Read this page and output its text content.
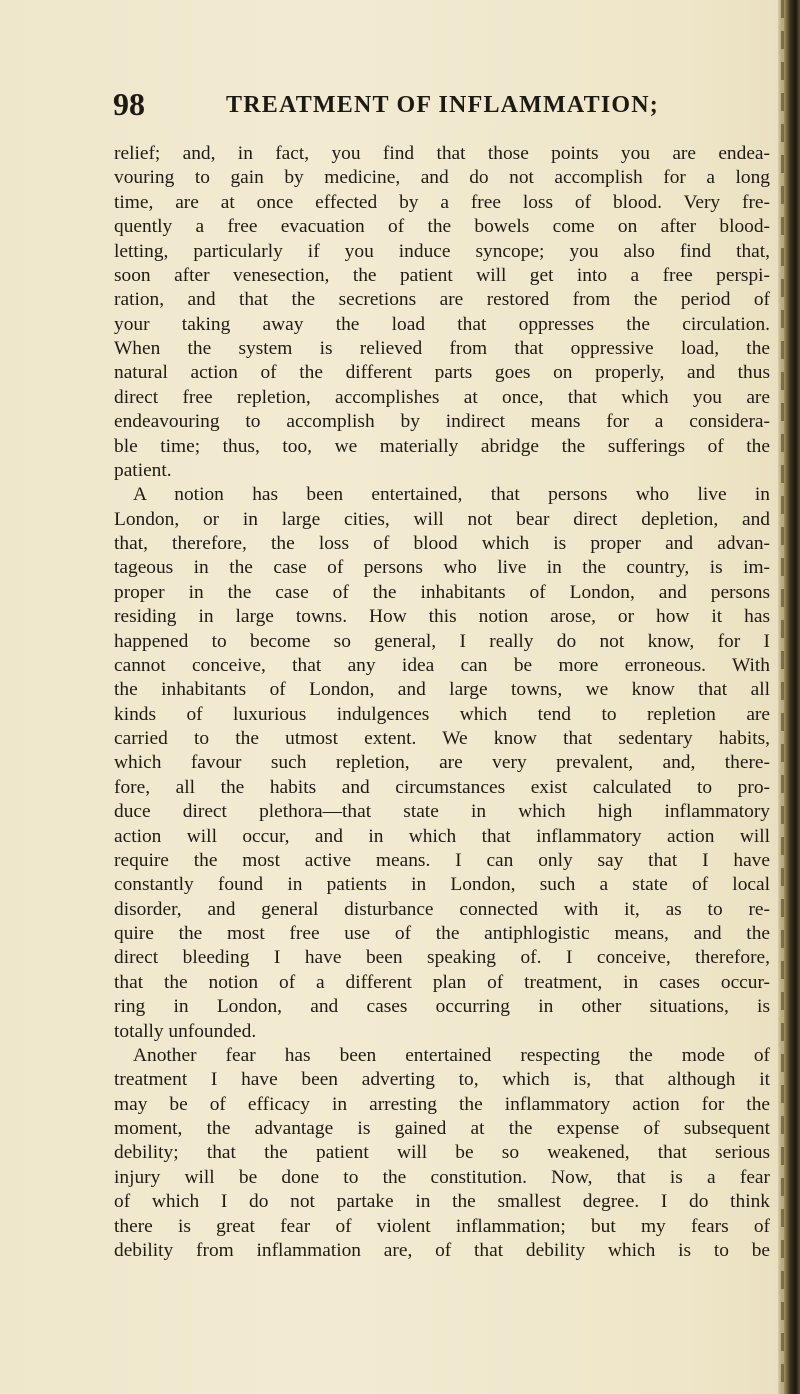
98	TREATMENT OF INFLAMMATION;
relief; and, in fact, you find that those points you are endea-
vouring to gain by medicine, and do not accomplish for a long
time, are at once effected by a free loss of blood. Very fre-
quently a free evacuation of the bowels come on after blood-
letting, particularly if you induce syncope; you also find that,
soon after venesection, the patient will get into a free perspi-
ration, and that the secretions are restored from the period of
your taking away the load that oppresses the circulation.
When the system is relieved from that oppressive load, the
natural action of the different parts goes on properly, and thus
direct free repletion, accomplishes at once, that which you are
endeavouring to accomplish by indirect means for a considera-
ble time; thus, too, we materially abridge the sufferings of the
patient.
A notion has been entertained, that persons who live in
London, or in large cities, will not bear direct depletion, and
that, therefore, the loss of blood which is proper and advan-
tageous in the case of persons who live in the country, is im-
proper in the case of the inhabitants of London, and persons
residing in large towns. How this notion arose, or how it has
happened to become so general, I really do not know, for I
cannot conceive, that any idea can be more erroneous. With
the inhabitants of London, and large towns, we know that all
kinds of luxurious indulgences which tend to repletion are
carried to the utmost extent. We know that sedentary habits,
which favour such repletion, are very prevalent, and, there-
fore, all the habits and circumstances exist calculated to pro-
duce direct plethora—that state in which high inflammatory
action will occur, and in which that inflammatory action will
require the most active means. I can only say that I have
constantly found in patients in London, such a state of local
disorder, and general disturbance connected with it, as to re-
quire the most free use of the antiphlogistic means, and the
direct bleeding I have been speaking of. I conceive, therefore,
that the notion of a different plan of treatment, in cases occur-
ring in London, and cases occurring in other situations, is
totally unfounded.
Another fear has been entertained respecting the mode of
treatment I have been adverting to, which is, that although it
may be of efficacy in arresting the inflammatory action for the
moment, the advantage is gained at the expense of subsequent
debility; that the patient will be so weakened, that serious
injury will be done to the constitution. Now, that is a fear
of which I do not partake in the smallest degree. I do think
there is great fear of violent inflammation; but my fears of
debility from inflammation are, of that debility which is to be
